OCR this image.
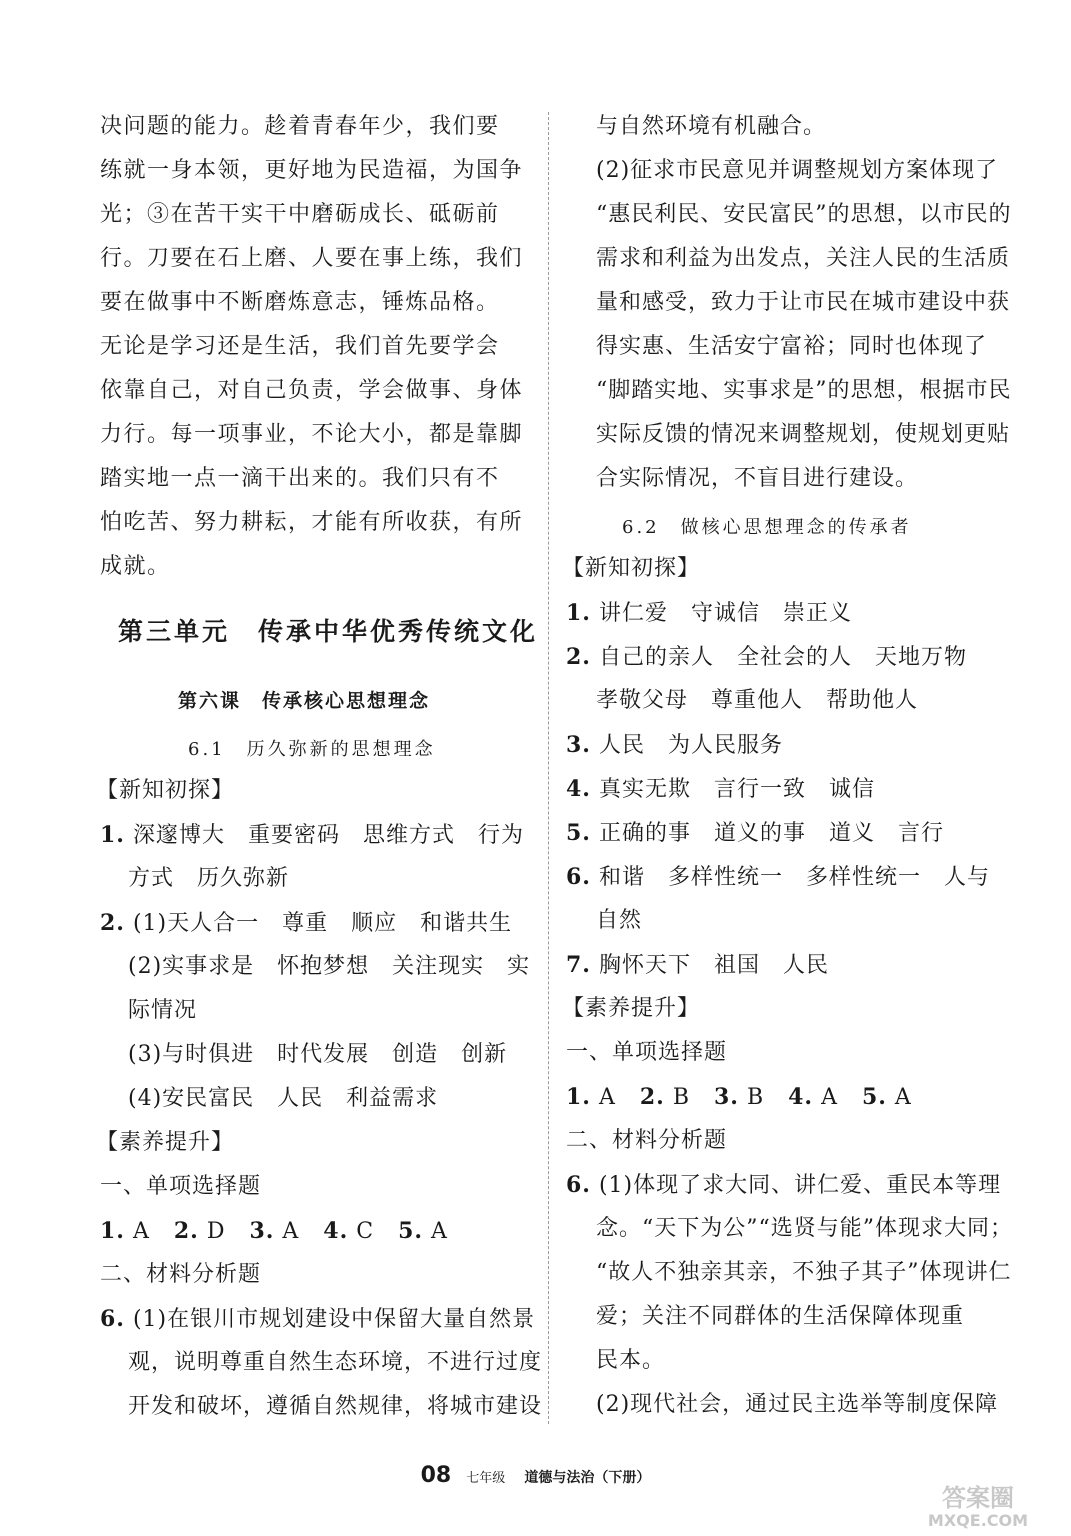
决问题的能力。趁着青春年少，我们要
练就一身本领，更好地为民造福，为国争
光；③在苦干实干中磨砺成长、砥砺前
行。刀要在石上磨、人要在事上练，我们
要在做事中不断磨炼意志，锤炼品格。
无论是学习还是生活，我们首先要学会
依靠自己，对自己负责，学会做事、身体
力行。每一项事业，不论大小，都是靠脚
踏实地一点一滴干出来的。我们只有不
怕吃苦、努力耕耘，才能有所收获，有所
成就。
第三单元　传承中华优秀传统文化
第六课　传承核心思想理念
6.1　历久弥新的思想理念
【新知初探】
1. 深邃博大　重要密码　思维方式　行为
方式　历久弥新
2. (1)天人合一　尊重　顺应　和谐共生
(2)实事求是　怀抱梦想　关注现实　实
际情况
(3)与时俱进　时代发展　创造　创新
(4)安民富民　人民　利益需求
【素养提升】
一、单项选择题
1. A 2. D 3. A 4. C 5. A
二、材料分析题
6. (1)在银川市规划建设中保留大量自然景
观，说明尊重自然生态环境，不进行过度
开发和破坏，遵循自然规律，将城市建设
与自然环境有机融合。
(2)征求市民意见并调整规划方案体现了
“惠民利民、安民富民”的思想，以市民的
需求和利益为出发点，关注人民的生活质
量和感受，致力于让市民在城市建设中获
得实惠、生活安宁富裕；同时也体现了
“脚踏实地、实事求是”的思想，根据市民
实际反馈的情况来调整规划，使规划更贴
合实际情况，不盲目进行建设。
6.2　做核心思想理念的传承者
【新知初探】
1. 讲仁爱　守诚信　崇正义
2. 自己的亲人　全社会的人　天地万物
孝敬父母　尊重他人　帮助他人
3. 人民　为人民服务
4. 真实无欺　言行一致　诚信
5. 正确的事　道义的事　道义　言行
6. 和谐　多样性统一　多样性统一　人与
自然
7. 胸怀天下　祖国　人民
【素养提升】
一、单项选择题
1. A 2. B 3. B 4. A 5. A
二、材料分析题
6. (1)体现了求大同、讲仁爱、重民本等理
念。“天下为公”“选贤与能”体现求大同；
“故人不独亲其亲，不独子其子”体现讲仁
爱；关注不同群体的生活保障体现重
民本。
(2)现代社会，通过民主选举等制度保障
08 七年级 道德与法治（下册）
答案圈
MXQE.COM
